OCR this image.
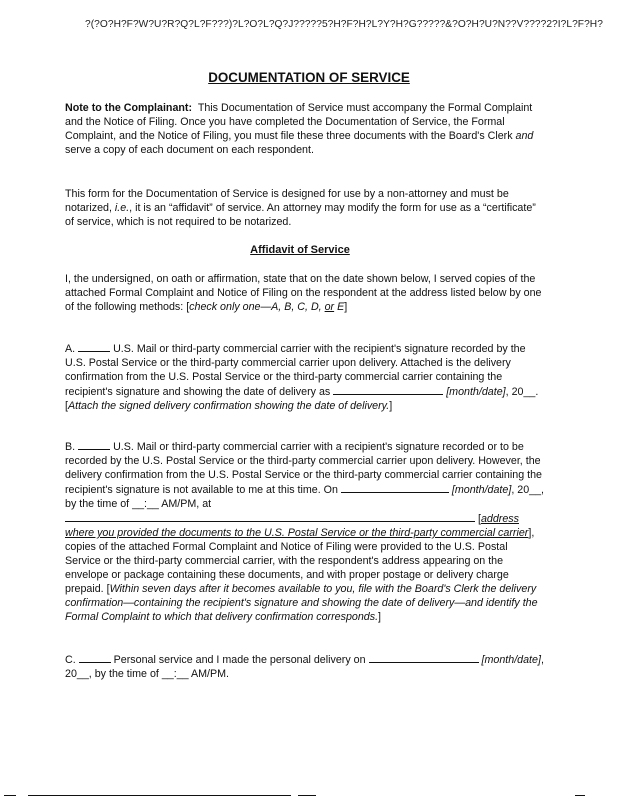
?(?O?H?F?W?U?R?Q?L?F???)?L?O?L?Q?J?????5?H?F?H?L?Y?H?G?????&?O?H?U?N??V????2?I?L?F?H?
DOCUMENTATION OF SERVICE
Note to the Complainant: This Documentation of Service must accompany the Formal Complaint and the Notice of Filing. Once you have completed the Documentation of Service, the Formal Complaint, and the Notice of Filing, you must file these three documents with the Board's Clerk and serve a copy of each document on each respondent.
This form for the Documentation of Service is designed for use by a non-attorney and must be notarized, i.e., it is an “affidavit” of service. An attorney may modify the form for use as a “certificate” of service, which is not required to be notarized.
Affidavit of Service
I, the undersigned, on oath or affirmation, state that on the date shown below, I served copies of the attached Formal Complaint and Notice of Filing on the respondent at the address listed below by one of the following methods: [check only one—A, B, C, D, or E]
A.	U.S. Mail or third-party commercial carrier with the recipient's signature recorded by the U.S. Postal Service or the third-party commercial carrier upon delivery. Attached is the delivery confirmation from the U.S. Postal Service or the third-party commercial carrier containing the recipient's signature and showing the date of delivery as	[month/date], 20__. [Attach the signed delivery confirmation showing the date of delivery.]
B.	U.S. Mail or third-party commercial carrier with a recipient's signature recorded or to be recorded by the U.S. Postal Service or the third-party commercial carrier upon delivery. However, the delivery confirmation from the U.S. Postal Service or the third-party commercial carrier containing the recipient's signature is not available to me at this time. On	[month/date], 20__, by the time of __:__ AM/PM, at  [address where you provided the documents to the U.S. Postal Service or the third-party commercial carrier], copies of the attached Formal Complaint and Notice of Filing were provided to the U.S. Postal Service or the third-party commercial carrier, with the respondent's address appearing on the envelope or package containing these documents, and with proper postage or delivery charge prepaid. [Within seven days after it becomes available to you, file with the Board's Clerk the delivery confirmation—containing the recipient's signature and showing the date of delivery—and identify the Formal Complaint to which that delivery confirmation corresponds.]
C.	Personal service and I made the personal delivery on	[month/date], 20__, by the time of __:__ AM/PM.
